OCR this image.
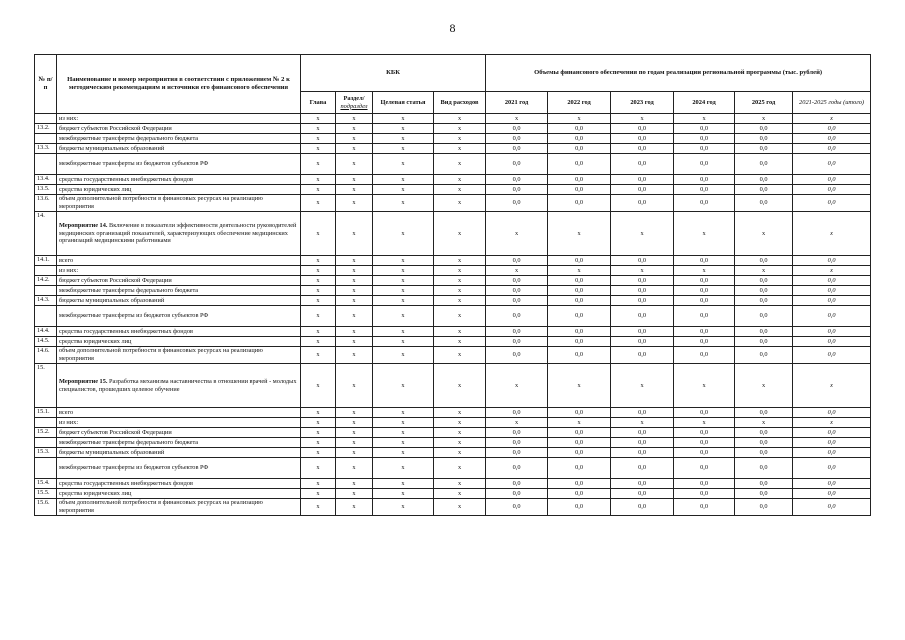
8
№ п/п	Наименование и номер мероприятия в соответствии с приложением № 2 к методическим рекомендациям и источники его финансового обеспечения	КБК				Объемы финансового обеспечения по годам реализации региональной программы (тыс. рублей)					
		Глава	Раздел/
подраздел	Целевая статья	Вид расходов	2021 год	2022 год	2023 год	2024 год	2025 год	2021-2025 годы (итого)
	из них:	x	x	x	x	x	x	x	x	x	x
13.2.	бюджет субъектов Российской Федерации	x	x	x	x	0,0	0,0	0,0	0,0	0,0	0,0
	межбюджетные трансферты федерального бюджета	x	x	x	x	0,0	0,0	0,0	0,0	0,0	0,0
13.3.	бюджеты муниципальных образований	x	x	x	x	0,0	0,0	0,0	0,0	0,0	0,0
	межбюджетные трансферты из бюджетов субъектов РФ	x	x	x	x	0,0	0,0	0,0	0,0	0,0	0,0
13.4.	средства государственных внебюджетных фондов	x	x	x	x	0,0	0,0	0,0	0,0	0,0	0,0
13.5.	средства юридических лиц	x	x	x	x	0,0	0,0	0,0	0,0	0,0	0,0
13.6.	объем дополнительной потребности в финансовых ресурсах на реализацию мероприятия	x	x	x	x	0,0	0,0	0,0	0,0	0,0	0,0
14.	Мероприятие 14. Включение в показатели эффективности деятельности руководителей медицинских организаций показателей, характеризующих обеспечение медицинских организаций медицинскими работниками	x	x	x	x	x	x	x	x	x	x
14.1.	всего	x	x	x	x	0,0	0,0	0,0	0,0	0,0	0,0
	из них:	x	x	x	x	x	x	x	x	x	x
14.2.	бюджет субъектов Российской Федерации	x	x	x	x	0,0	0,0	0,0	0,0	0,0	0,0
	межбюджетные трансферты федерального бюджета	x	x	x	x	0,0	0,0	0,0	0,0	0,0	0,0
14.3.	бюджеты муниципальных образований	x	x	x	x	0,0	0,0	0,0	0,0	0,0	0,0
	межбюджетные трансферты из бюджетов субъектов РФ	x	x	x	x	0,0	0,0	0,0	0,0	0,0	0,0
14.4.	средства государственных внебюджетных фондов	x	x	x	x	0,0	0,0	0,0	0,0	0,0	0,0
14.5.	средства юридических лиц	x	x	x	x	0,0	0,0	0,0	0,0	0,0	0,0
14.6.	объем дополнительной потребности в финансовых ресурсах на реализацию мероприятия	x	x	x	x	0,0	0,0	0,0	0,0	0,0	0,0
15.	Мероприятие 15. Разработка механизма наставничества в отношении врачей - молодых специалистов, прошедших целевое обучение	x	x	x	x	x	x	x	x	x	x
15.1.	всего	x	x	x	x	0,0	0,0	0,0	0,0	0,0	0,0
	из них:	x	x	x	x	x	x	x	x	x	x
15.2.	бюджет субъектов Российской Федерации	x	x	x	x	0,0	0,0	0,0	0,0	0,0	0,0
	межбюджетные трансферты федерального бюджета	x	x	x	x	0,0	0,0	0,0	0,0	0,0	0,0
15.3.	бюджеты муниципальных образований	x	x	x	x	0,0	0,0	0,0	0,0	0,0	0,0
	межбюджетные трансферты из бюджетов субъектов РФ	x	x	x	x	0,0	0,0	0,0	0,0	0,0	0,0
15.4.	средства государственных внебюджетных фондов	x	x	x	x	0,0	0,0	0,0	0,0	0,0	0,0
15.5.	средства юридических лиц	x	x	x	x	0,0	0,0	0,0	0,0	0,0	0,0
15.6.	объем дополнительной потребности в финансовых ресурсах на реализацию мероприятия	x	x	x	x	0,0	0,0	0,0	0,0	0,0	0,0
